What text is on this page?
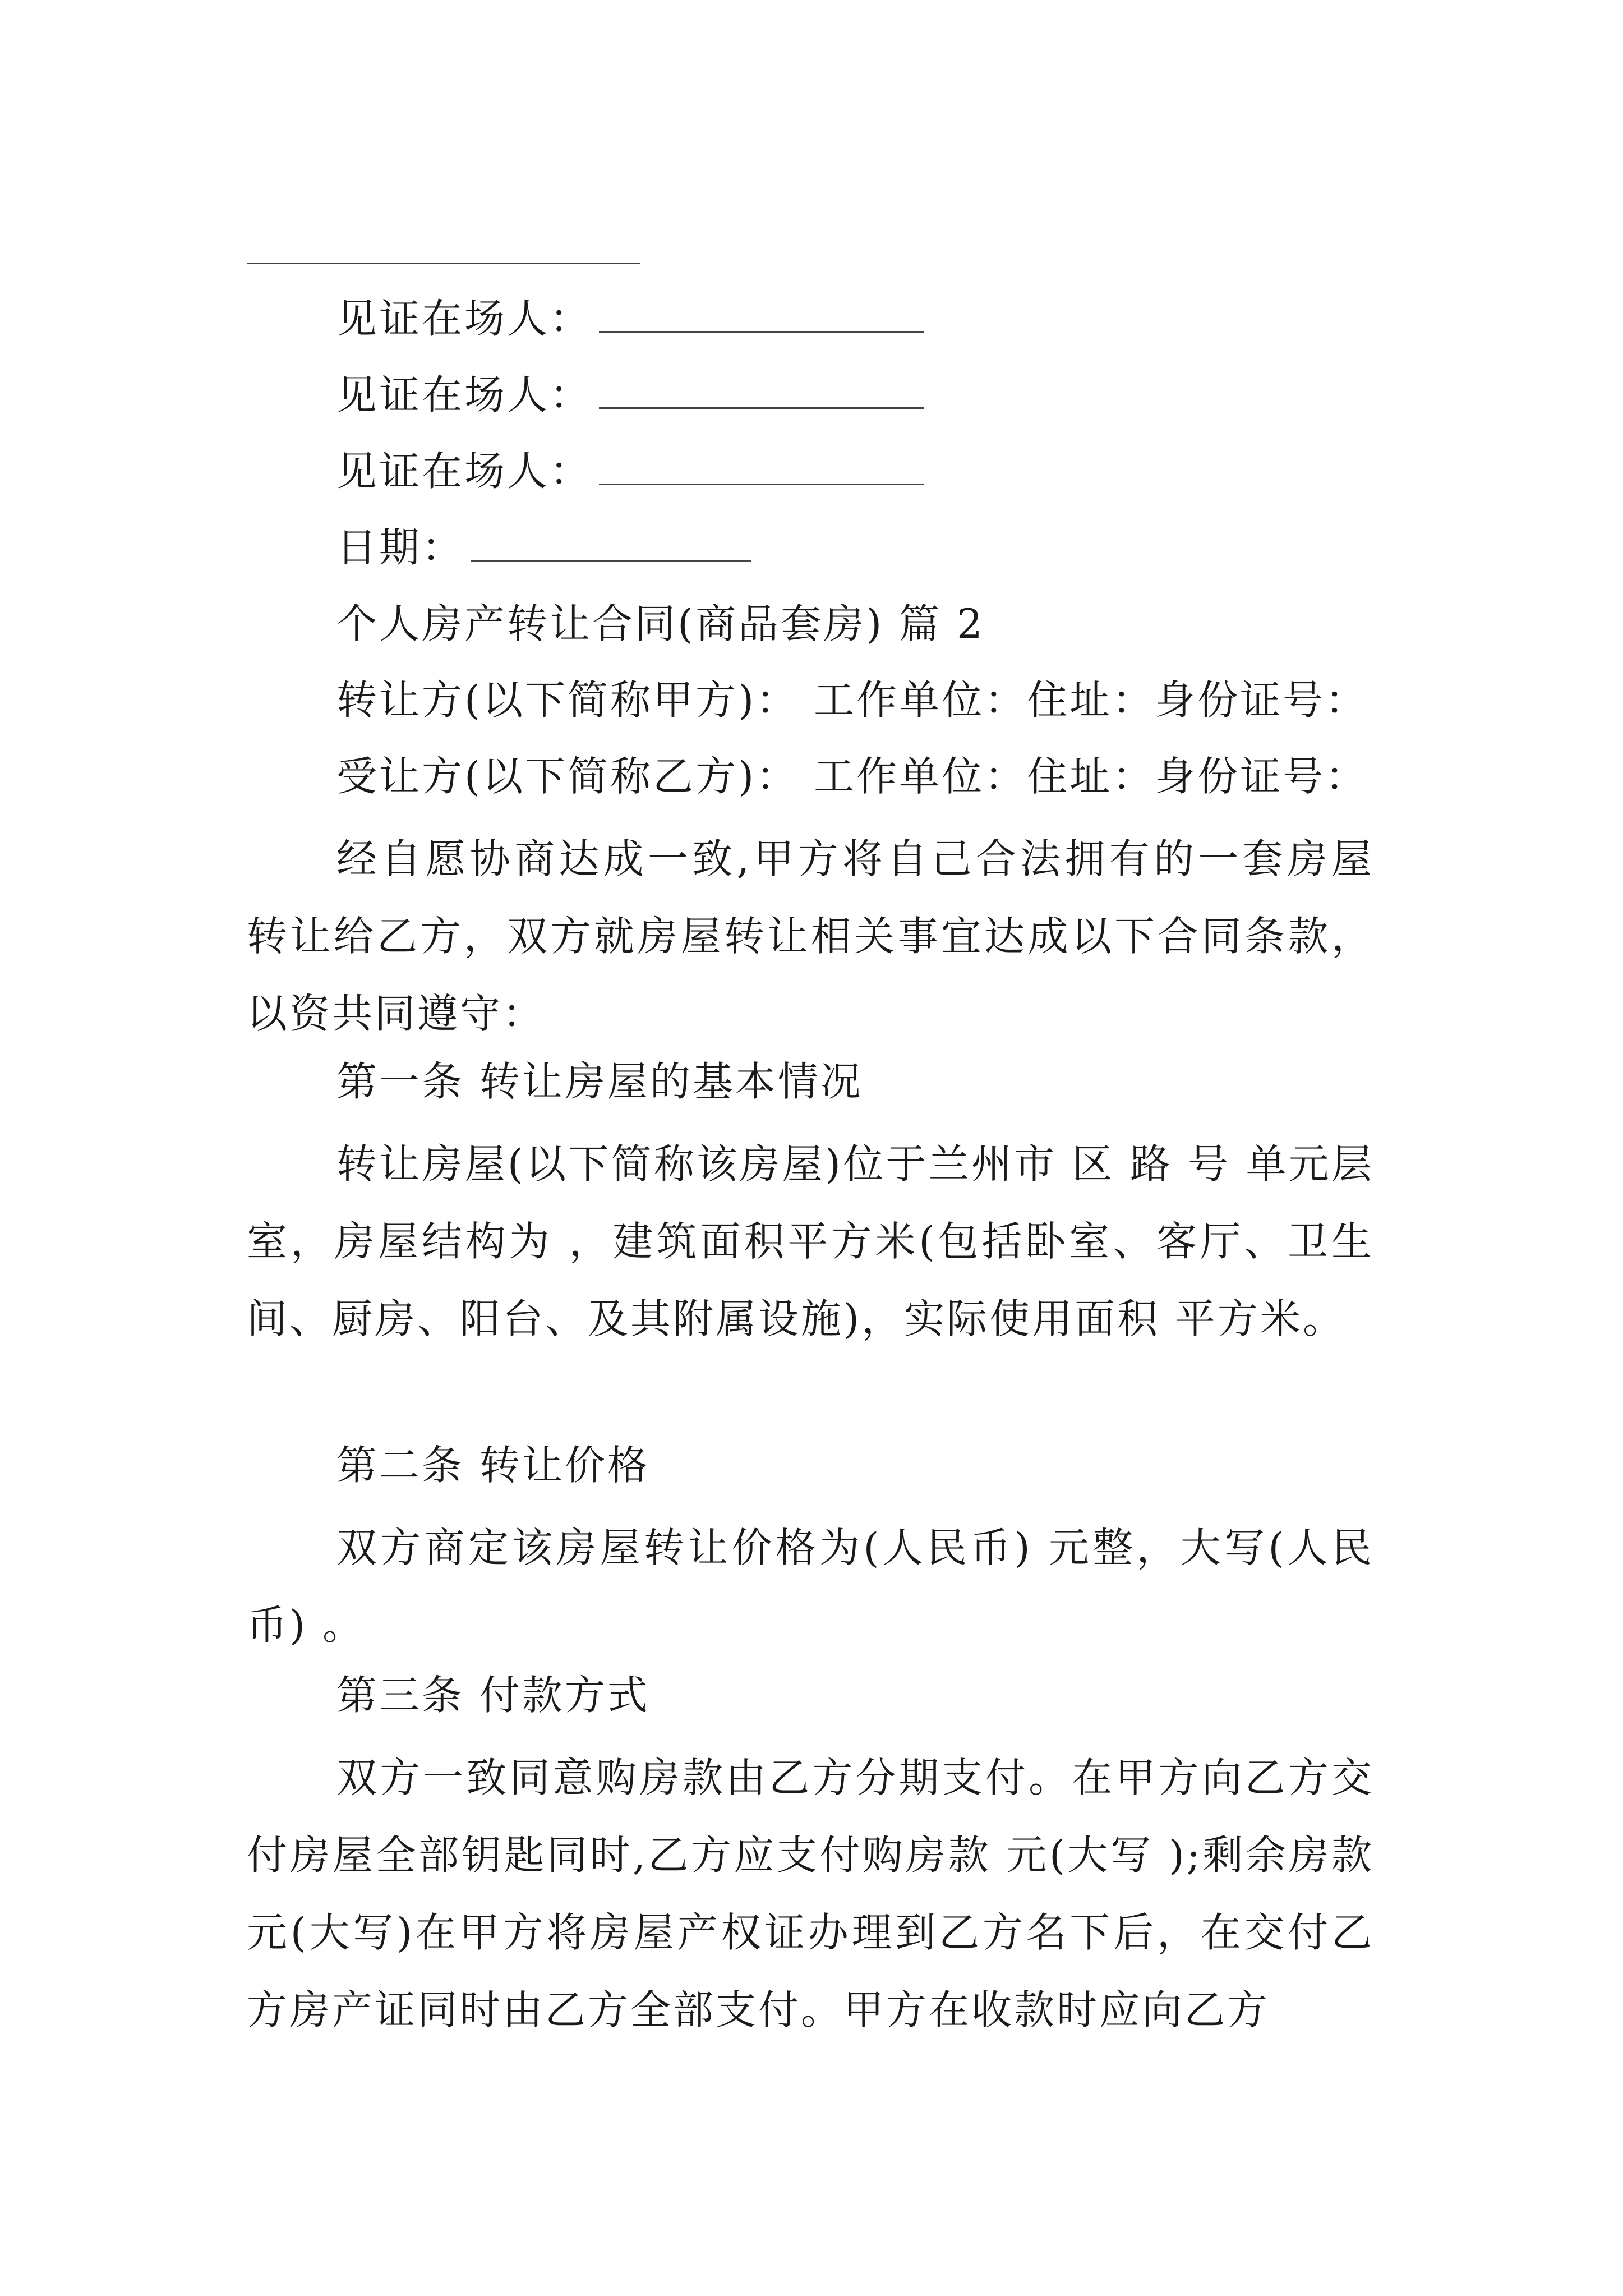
见证在场人：
见证在场人：
见证在场人：
日期：
个人房产转让合同(商品套房) 篇 2
转让方(以下简称甲方)： 工作单位：住址：身份证号：
受让方(以下简称乙方)： 工作单位：住址：身份证号：
经自愿协商达成一致,甲方将自己合法拥有的一套房屋转让给乙方，双方就房屋转让相关事宜达成以下合同条款，以资共同遵守：
第一条 转让房屋的基本情况
转让房屋(以下简称该房屋)位于兰州市 区 路 号 单元层 室，房屋结构为 ，建筑面积平方米(包括卧室、客厅、卫生间、厨房、阳台、及其附属设施)，实际使用面积 平方米。
第二条 转让价格
双方商定该房屋转让价格为(人民币) 元整，大写(人民币) 。
第三条 付款方式
双方一致同意购房款由乙方分期支付。在甲方向乙方交付房屋全部钥匙同时,乙方应支付购房款 元(大写 );剩余房款 元(大写)在甲方将房屋产权证办理到乙方名下后，在交付乙方房产证同时由乙方全部支付。甲方在收款时应向乙方
